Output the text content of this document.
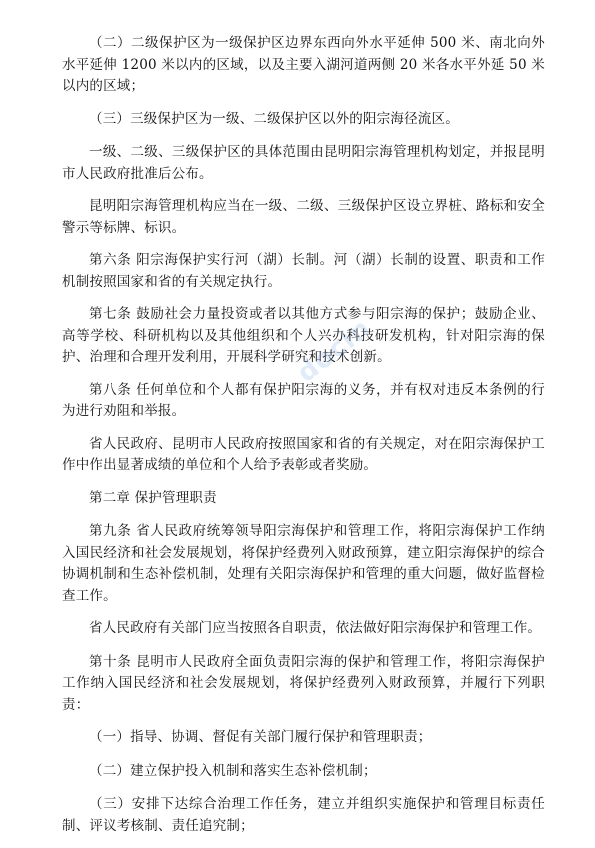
（二）二级保护区为一级保护区边界东西向外水平延伸 500 米、南北向外水平延伸 1200 米以内的区域，以及主要入湖河道两侧 20 米各水平外延 50 米以内的区域；

（三）三级保护区为一级、二级保护区以外的阳宗海径流区。

一级、二级、三级保护区的具体范围由昆明阳宗海管理机构划定，并报昆明市人民政府批准后公布。

昆明阳宗海管理机构应当在一级、二级、三级保护区设立界桩、路标和安全警示等标牌、标识。

第六条 阳宗海保护实行河（湖）长制。河（湖）长制的设置、职责和工作机制按照国家和省的有关规定执行。

第七条 鼓励社会力量投资或者以其他方式参与阳宗海的保护；鼓励企业、高等学校、科研机构以及其他组织和个人兴办科技研发机构，针对阳宗海的保护、治理和合理开发利用，开展科学研究和技术创新。

第八条 任何单位和个人都有保护阳宗海的义务，并有权对违反本条例的行为进行劝阻和举报。

省人民政府、昆明市人民政府按照国家和省的有关规定，对在阳宗海保护工作中作出显著成绩的单位和个人给予表彰或者奖励。

第二章 保护管理职责

第九条 省人民政府统筹领导阳宗海保护和管理工作，将阳宗海保护工作纳入国民经济和社会发展规划，将保护经费列入财政预算，建立阳宗海保护的综合协调机制和生态补偿机制，处理有关阳宗海保护和管理的重大问题，做好监督检查工作。

省人民政府有关部门应当按照各自职责，依法做好阳宗海保护和管理工作。

第十条 昆明市人民政府全面负责阳宗海的保护和管理工作，将阳宗海保护工作纳入国民经济和社会发展规划，将保护经费列入财政预算，并履行下列职责：

（一）指导、协调、督促有关部门履行保护和管理职责；

（二）建立保护投入机制和落实生态补偿机制；

（三）安排下达综合治理工作任务，建立并组织实施保护和管理目标责任制、评议考核制、责任追究制；

docin
